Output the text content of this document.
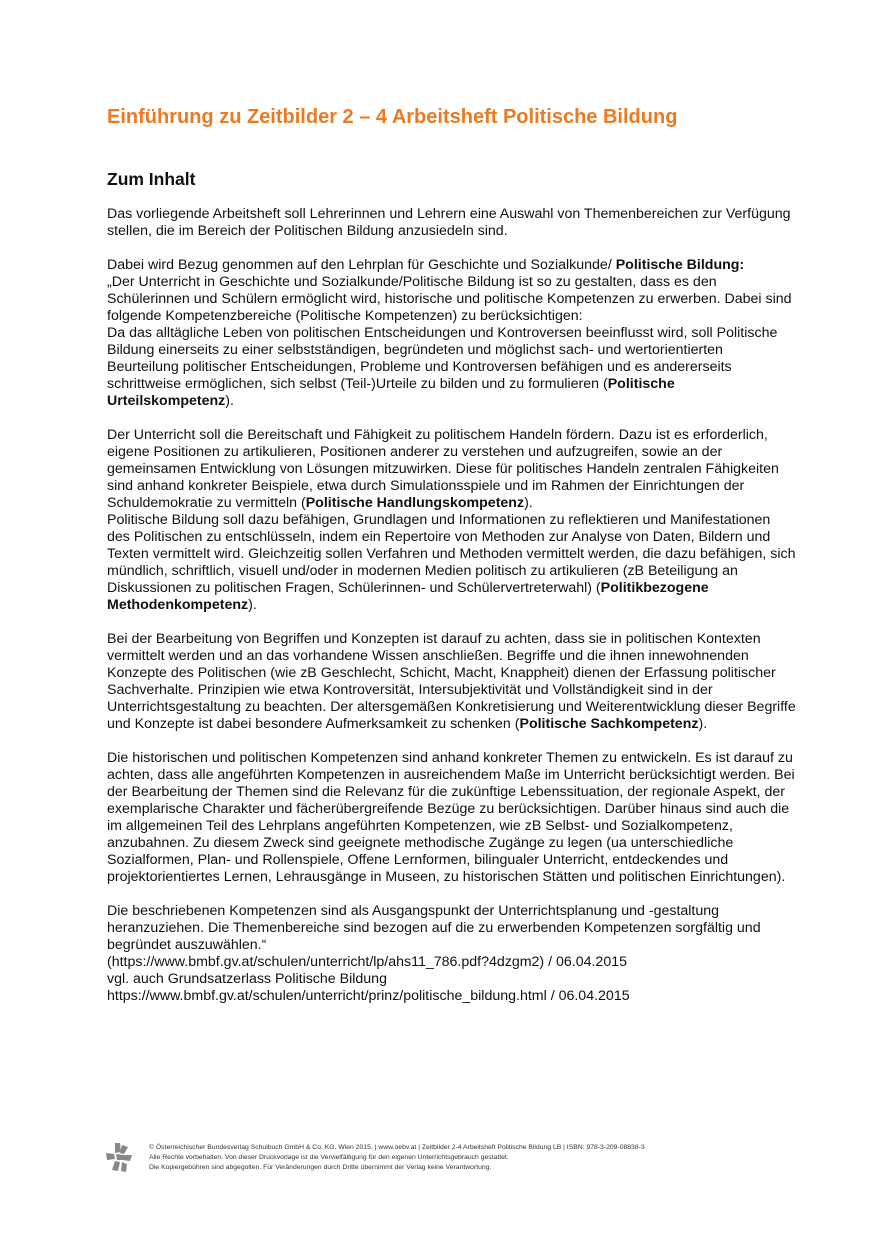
Einführung zu Zeitbilder 2 – 4 Arbeitsheft Politische Bildung
Zum Inhalt

Das vorliegende Arbeitsheft soll Lehrerinnen und Lehrern eine Auswahl von Themenbereichen zur Verfügung stellen, die im Bereich der Politischen Bildung anzusiedeln sind.

Dabei wird Bezug genommen auf den Lehrplan für Geschichte und Sozialkunde/ Politische Bildung:
„Der Unterricht in Geschichte und Sozialkunde/Politische Bildung ist so zu gestalten, dass es den Schülerinnen und Schülern ermöglicht wird, historische und politische Kompetenzen zu erwerben. Dabei sind folgende Kompetenzbereiche (Politische Kompetenzen) zu berücksichtigen:
Da das alltägliche Leben von politischen Entscheidungen und Kontroversen beeinflusst wird, soll Politische Bildung einerseits zu einer selbstständigen, begründeten und möglichst sach- und wertorientierten Beurteilung politischer Entscheidungen, Probleme und Kontroversen befähigen und es andererseits schrittweise ermöglichen, sich selbst (Teil-)Urteile zu bilden und zu formulieren (Politische Urteilskompetenz).

Der Unterricht soll die Bereitschaft und Fähigkeit zu politischem Handeln fördern. Dazu ist es erforderlich, eigene Positionen zu artikulieren, Positionen anderer zu verstehen und aufzugreifen, sowie an der gemeinsamen Entwicklung von Lösungen mitzuwirken. Diese für politisches Handeln zentralen Fähigkeiten sind anhand konkreter Beispiele, etwa durch Simulationsspiele und im Rahmen der Einrichtungen der Schuldemokratie zu vermitteln (Politische Handlungskompetenz).
Politische Bildung soll dazu befähigen, Grundlagen und Informationen zu reflektieren und Manifestationen des Politischen zu entschlüsseln, indem ein Repertoire von Methoden zur Analyse von Daten, Bildern und Texten vermittelt wird. Gleichzeitig sollen Verfahren und Methoden vermittelt werden, die dazu befähigen, sich mündlich, schriftlich, visuell und/oder in modernen Medien politisch zu artikulieren (zB Beteiligung an Diskussionen zu politischen Fragen, Schülerinnen- und Schülervertreterwahl) (Politikbezogene Methodenkompetenz).

Bei der Bearbeitung von Begriffen und Konzepten ist darauf zu achten, dass sie in politischen Kontexten vermittelt werden und an das vorhandene Wissen anschließen. Begriffe und die ihnen innewohnenden Konzepte des Politischen (wie zB Geschlecht, Schicht, Macht, Knappheit) dienen der Erfassung politischer Sachverhalte. Prinzipien wie etwa Kontroversität, Intersubjektivität und Vollständigkeit sind in der Unterrichtsgestaltung zu beachten. Der altersgemäßen Konkretisierung und Weiterentwicklung dieser Begriffe und Konzepte ist dabei besondere Aufmerksamkeit zu schenken (Politische Sachkompetenz).

Die historischen und politischen Kompetenzen sind anhand konkreter Themen zu entwickeln. Es ist darauf zu achten, dass alle angeführten Kompetenzen in ausreichendem Maße im Unterricht berücksichtigt werden. Bei der Bearbeitung der Themen sind die Relevanz für die zukünftige Lebenssituation, der regionale Aspekt, der exemplarische Charakter und fächerübergreifende Bezüge zu berücksichtigen. Darüber hinaus sind auch die im allgemeinen Teil des Lehrplans angeführten Kompetenzen, wie zB Selbst- und Sozialkompetenz, anzubahnen. Zu diesem Zweck sind geeignete methodische Zugänge zu legen (ua unterschiedliche Sozialformen, Plan- und Rollenspiele, Offene Lernformen, bilingualer Unterricht, entdeckendes und projektorientiertes Lernen, Lehrausgänge in Museen, zu historischen Stätten und politischen Einrichtungen).

Die beschriebenen Kompetenzen sind als Ausgangspunkt der Unterrichtsplanung und -gestaltung heranzuziehen. Die Themenbereiche sind bezogen auf die zu erwerbenden Kompetenzen sorgfältig und begründet auszuwählen.“

(https://www.bmbf.gv.at/schulen/unterricht/lp/ahs11_786.pdf?4dzgm2) / 06.04.2015

vgl. auch Grundsatzerlass Politische Bildung

https://www.bmbf.gv.at/schulen/unterricht/prinz/politische_bildung.html / 06.04.2015

© Österreichischer Bundesverlag Schulbuch GmbH & Co. KG, Wien 2015. | www.oebv.at | Zeitbilder 2-4 Arbeitsheft Politische Bildung LB | ISBN: 978-3-209-08838-3
Alle Rechte vorbehalten. Von dieser Druckvorlage ist die Vervielfältigung für den eigenen Unterrichtsgebrauch gestattet.
Die Kopiergebühren sind abgegolten. Für Veränderungen durch Dritte übernimmt der Verlag keine Verantwortung.
